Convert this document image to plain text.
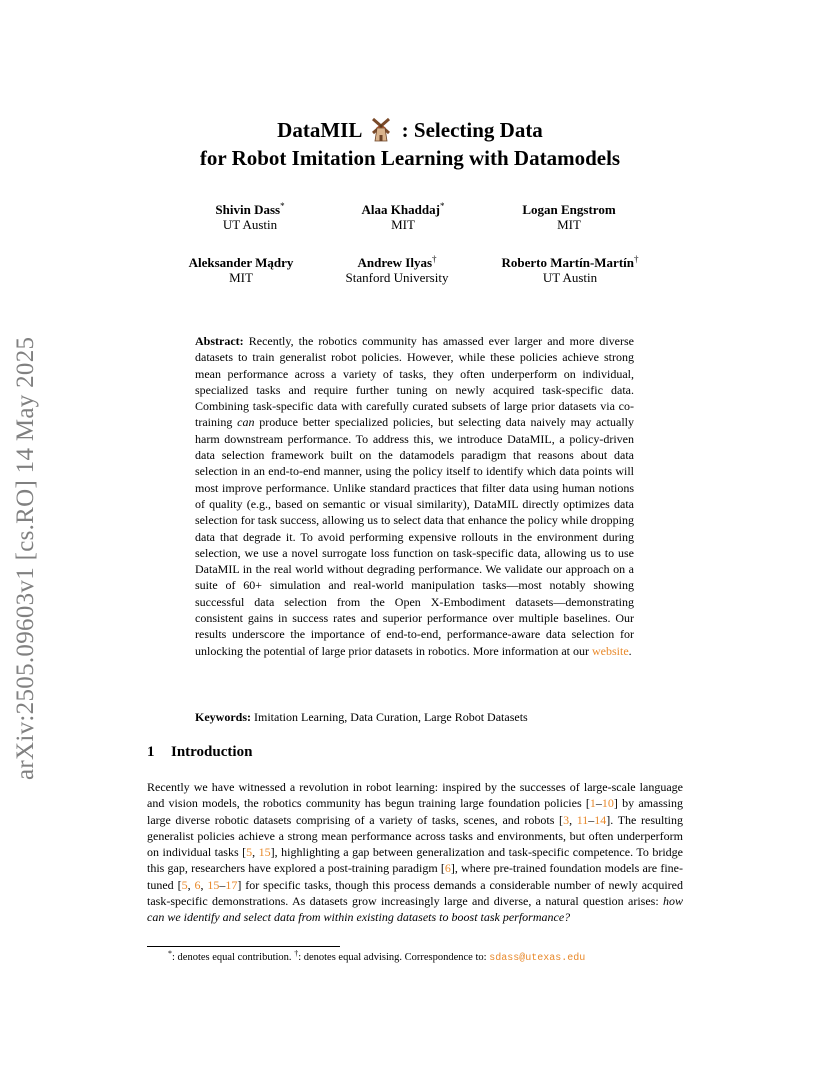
arXiv:2505.09603v1 [cs.RO] 14 May 2025
DataMIL : Selecting Data
for Robot Imitation Learning with Datamodels
Shivin Dass*
UT Austin
Alaa Khaddaj*
MIT
Logan Engstrom
MIT
Aleksander Mądry
MIT
Andrew Ilyas†
Stanford University
Roberto Martín-Martín†
UT Austin
Abstract: Recently, the robotics community has amassed ever larger and more diverse datasets to train generalist robot policies. However, while these policies achieve strong mean performance across a variety of tasks, they often underperform on individual, specialized tasks and require further tuning on newly acquired task-specific data. Combining task-specific data with carefully curated subsets of large prior datasets via co-training can produce better specialized policies, but selecting data naively may actually harm downstream performance. To address this, we introduce DataMIL, a policy-driven data selection framework built on the datamodels paradigm that reasons about data selection in an end-to-end manner, using the policy itself to identify which data points will most improve performance. Unlike standard practices that filter data using human notions of quality (e.g., based on semantic or visual similarity), DataMIL directly optimizes data selection for task success, allowing us to select data that enhance the policy while dropping data that degrade it. To avoid performing expensive rollouts in the environment during selection, we use a novel surrogate loss function on task-specific data, allowing us to use DataMIL in the real world without degrading performance. We validate our approach on a suite of 60+ simulation and real-world manipulation tasks—most notably showing successful data selection from the Open X-Embodiment datasets—demonstrating consistent gains in success rates and superior performance over multiple baselines. Our results underscore the importance of end-to-end, performance-aware data selection for unlocking the potential of large prior datasets in robotics. More information at our website.
Keywords: Imitation Learning, Data Curation, Large Robot Datasets
1 Introduction
Recently we have witnessed a revolution in robot learning: inspired by the successes of large-scale language and vision models, the robotics community has begun training large foundation policies [1–10] by amassing large diverse robotic datasets comprising of a variety of tasks, scenes, and robots [3, 11–14]. The resulting generalist policies achieve a strong mean performance across tasks and environments, but often underperform on individual tasks [5, 15], highlighting a gap between generalization and task-specific competence. To bridge this gap, researchers have explored a post-training paradigm [6], where pre-trained foundation models are fine-tuned [5, 6, 15–17] for specific tasks, though this process demands a considerable number of newly acquired task-specific demonstrations. As datasets grow increasingly large and diverse, a natural question arises: how can we identify and select data from within existing datasets to boost task performance?
*: denotes equal contribution. †: denotes equal advising. Correspondence to: sdass@utexas.edu
